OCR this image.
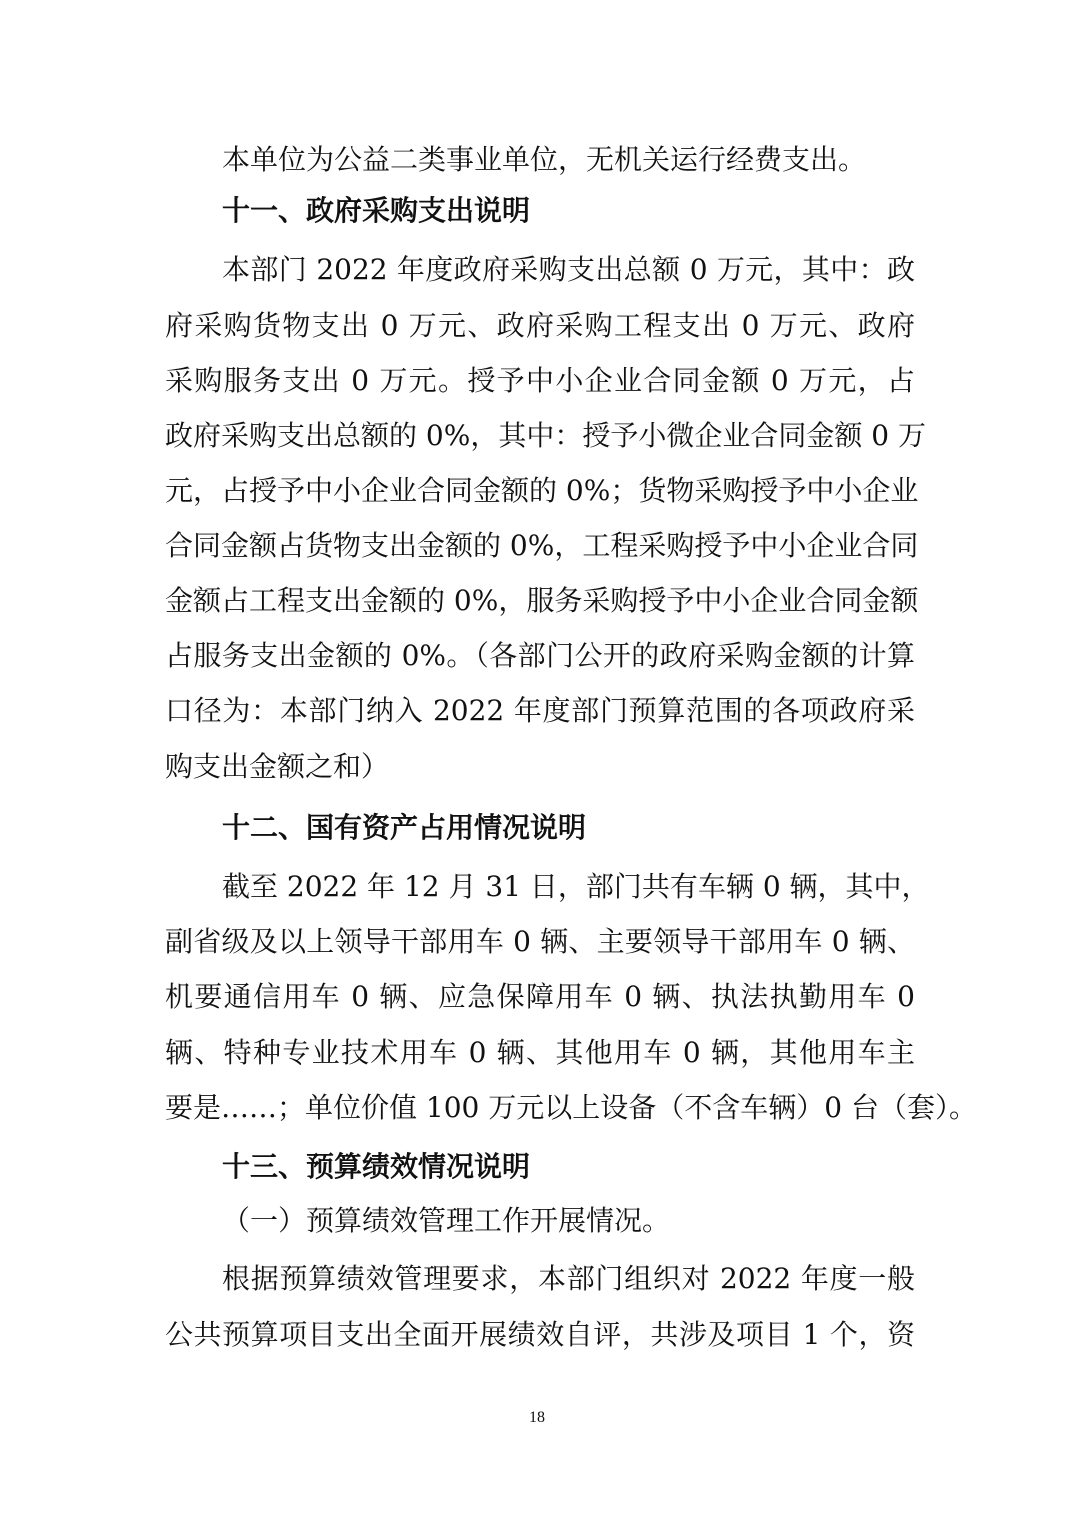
本单位为公益二类事业单位，无机关运行经费支出。
十一、政府采购支出说明
本部门 2022 年度政府采购支出总额 0 万元，其中：政
府采购货物支出 0 万元、政府采购工程支出 0 万元、政府
采购服务支出 0 万元。授予中小企业合同金额 0 万元，占
政府采购支出总额的 0%，其中：授予小微企业合同金额 0 万
元，占授予中小企业合同金额的 0%；货物采购授予中小企业
合同金额占货物支出金额的 0%，工程采购授予中小企业合同
金额占工程支出金额的 0%，服务采购授予中小企业合同金额
占服务支出金额的 0%。（各部门公开的政府采购金额的计算
口径为：本部门纳入 2022 年度部门预算范围的各项政府采
购支出金额之和）
十二、国有资产占用情况说明
截至 2022 年 12 月 31 日，部门共有车辆 0 辆，其中，
副省级及以上领导干部用车 0 辆、主要领导干部用车 0 辆、
机要通信用车 0 辆、应急保障用车 0 辆、执法执勤用车 0
辆、特种专业技术用车 0 辆、其他用车 0 辆，其他用车主
要是……；单位价值 100 万元以上设备（不含车辆）0 台（套）。
十三、预算绩效情况说明
（一）预算绩效管理工作开展情况。
根据预算绩效管理要求，本部门组织对 2022 年度一般
公共预算项目支出全面开展绩效自评，共涉及项目 1 个，资
18
